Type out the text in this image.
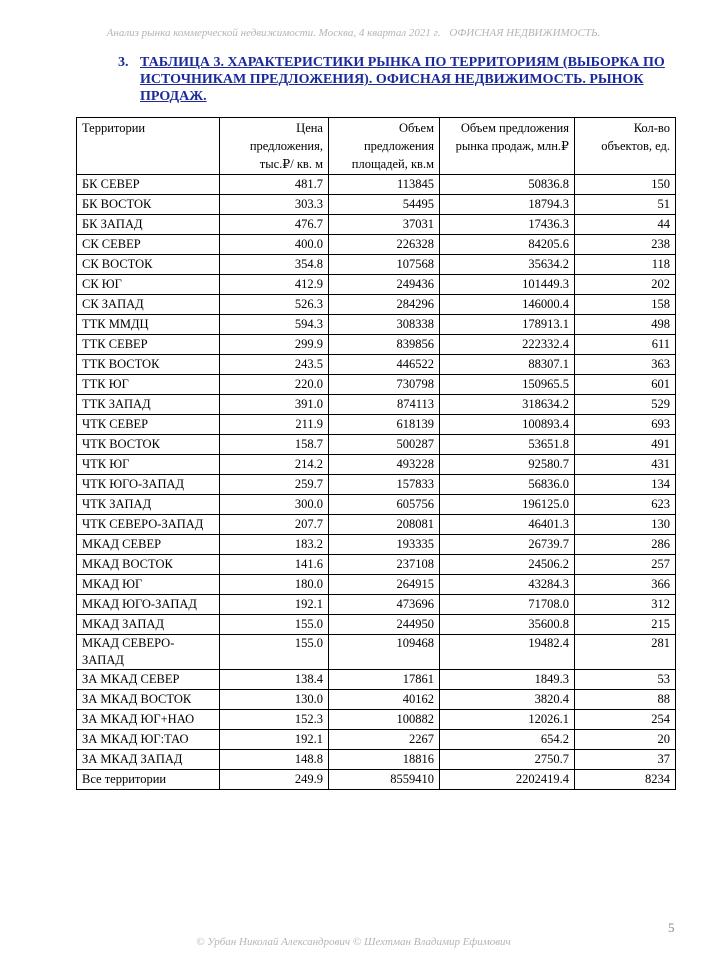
Анализ рынка коммерческой недвижимости. Москва, 4 квартал 2021 г. ОФИСНАЯ НЕДВИЖИМОСТЬ.
3. ТАБЛИЦА 3. ХАРАКТЕРИСТИКИ РЫНКА ПО ТЕРРИТОРИЯМ (ВЫБОРКА ПО ИСТОЧНИКАМ ПРЕДЛОЖЕНИЯ). ОФИСНАЯ НЕДВИЖИМОСТЬ. РЫНОК ПРОДАЖ.
Территории	Цена предложения, тыс.₽/ кв. м	Объем предложения площадей, кв.м	Объем предложения рынка продаж, млн.₽	Кол-во объектов, ед.
БК СЕВЕР	481.7	113845	50836.8	150
БК ВОСТОК	303.3	54495	18794.3	51
БК ЗАПАД	476.7	37031	17436.3	44
СК СЕВЕР	400.0	226328	84205.6	238
СК ВОСТОК	354.8	107568	35634.2	118
СК ЮГ	412.9	249436	101449.3	202
СК ЗАПАД	526.3	284296	146000.4	158
ТТК ММДЦ	594.3	308338	178913.1	498
ТТК СЕВЕР	299.9	839856	222332.4	611
ТТК ВОСТОК	243.5	446522	88307.1	363
ТТК ЮГ	220.0	730798	150965.5	601
ТТК ЗАПАД	391.0	874113	318634.2	529
ЧТК СЕВЕР	211.9	618139	100893.4	693
ЧТК ВОСТОК	158.7	500287	53651.8	491
ЧТК ЮГ	214.2	493228	92580.7	431
ЧТК ЮГО-ЗАПАД	259.7	157833	56836.0	134
ЧТК ЗАПАД	300.0	605756	196125.0	623
ЧТК СЕВЕРО-ЗАПАД	207.7	208081	46401.3	130
МКАД СЕВЕР	183.2	193335	26739.7	286
МКАД ВОСТОК	141.6	237108	24506.2	257
МКАД ЮГ	180.0	264915	43284.3	366
МКАД ЮГО-ЗАПАД	192.1	473696	71708.0	312
МКАД ЗАПАД	155.0	244950	35600.8	215
МКАД СЕВЕРО-ЗАПАД	155.0	109468	19482.4	281
ЗА МКАД СЕВЕР	138.4	17861	1849.3	53
ЗА МКАД ВОСТОК	130.0	40162	3820.4	88
ЗА МКАД ЮГ+НАО	152.3	100882	12026.1	254
ЗА МКАД ЮГ:ТАО	192.1	2267	654.2	20
ЗА МКАД ЗАПАД	148.8	18816	2750.7	37
Все территории	249.9	8559410	2202419.4	8234
5
© Урбан Николай Александрович © Шехтман Владимир Ефимович
